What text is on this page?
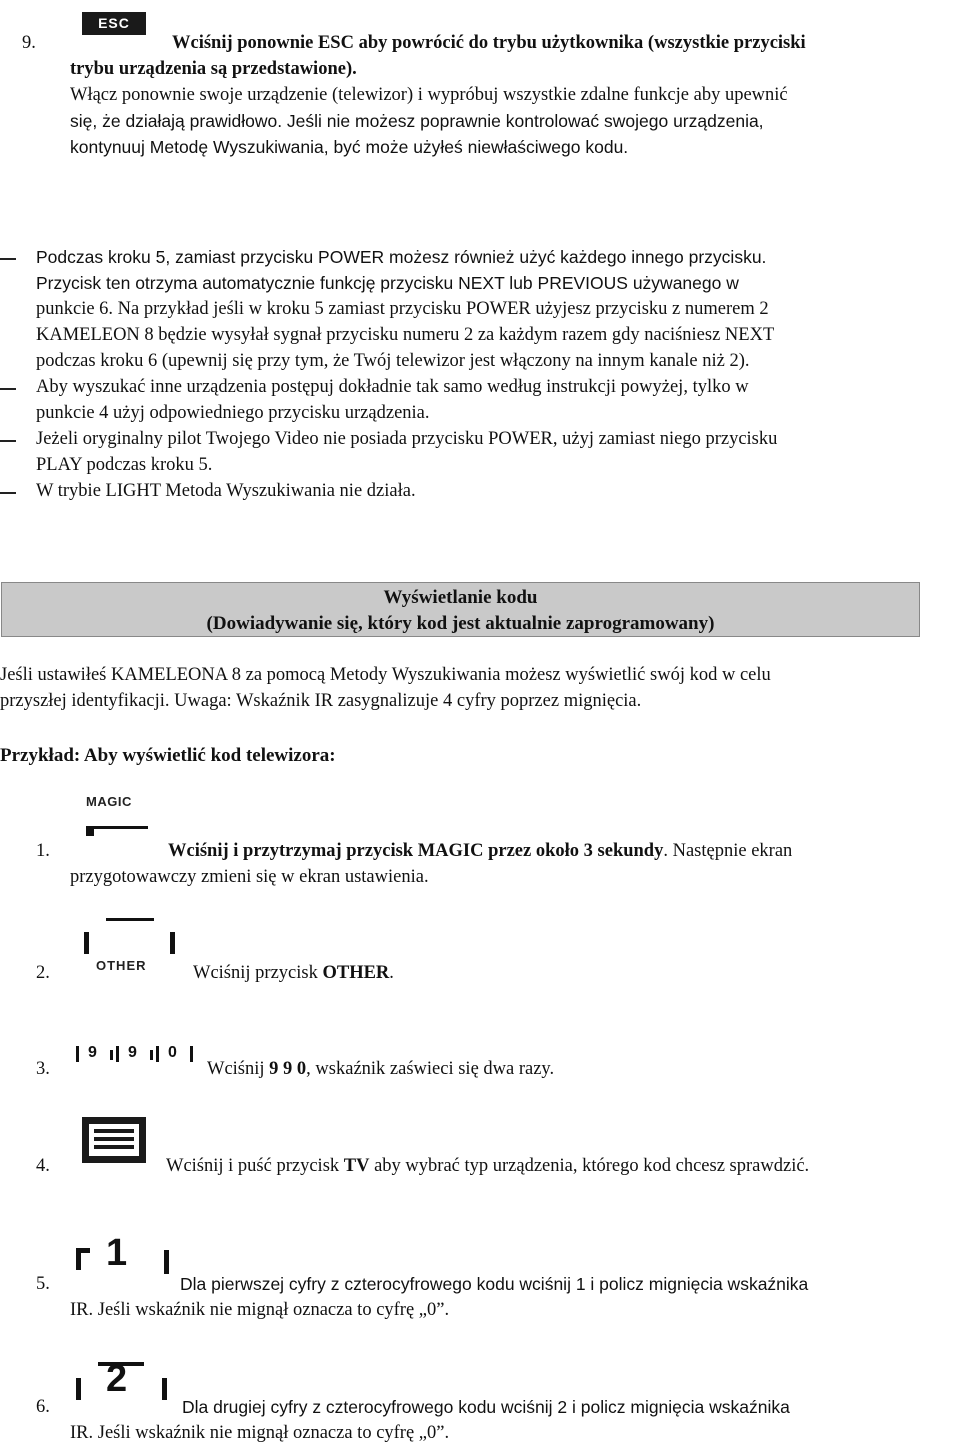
9.
ESC
Wciśnij ponownie ESC aby powrócić do trybu użytkownika (wszystkie przyciski
trybu urządzenia są przedstawione).
Włącz ponownie swoje urządzenie (telewizor) i wypróbuj wszystkie zdalne funkcje aby upewnić
się, że działają prawidłowo. Jeśli nie możesz poprawnie kontrolować swojego urządzenia,
kontynuuj Metodę Wyszukiwania, być może użyłeś niewłaściwego kodu.
Podczas kroku 5, zamiast przycisku POWER możesz również użyć każdego innego przycisku.
Przycisk ten otrzyma automatycznie funkcję przycisku NEXT lub PREVIOUS używanego w
punkcie 6. Na przykład jeśli w kroku 5 zamiast przycisku POWER użyjesz przycisku z numerem 2
KAMELEON 8 będzie wysyłał sygnał przycisku numeru 2 za każdym razem gdy naciśniesz NEXT
podczas kroku 6 (upewnij się przy tym, że Twój telewizor jest włączony na innym kanale niż 2).
Aby wyszukać inne urządzenia postępuj dokładnie tak samo według instrukcji powyżej, tylko w
punkcie 4 użyj odpowiedniego przycisku urządzenia.
Jeżeli oryginalny pilot Twojego Video nie posiada przycisku POWER, użyj zamiast niego przycisku
PLAY podczas kroku 5.
W trybie LIGHT Metoda Wyszukiwania nie działa.
Wyświetlanie kodu
(Dowiadywanie się, który kod jest aktualnie zaprogramowany)
Jeśli ustawiłeś KAMELEONA 8 za pomocą Metody Wyszukiwania możesz wyświetlić swój kod w celu
przyszłej identyfikacji. Uwaga: Wskaźnik IR zasygnalizuje 4 cyfry poprzez mignięcia.
Przykład: Aby wyświetlić kod telewizora:
MAGIC
1.	Wciśnij i przytrzymaj przycisk MAGIC przez około 3 sekundy. Następnie ekran
przygotowawczy zmieni się w ekran ustawienia.
OTHER
2.	Wciśnij przycisk OTHER.
9 9 0
3.	Wciśnij 9 9 0, wskaźnik zaświeci się dwa razy.
4.	Wciśnij i puść przycisk TV aby wybrać typ urządzenia, którego kod chcesz sprawdzić.
1
5.	Dla pierwszej cyfry z czterocyfrowego kodu wciśnij 1 i policz mignięcia wskaźnika
IR. Jeśli wskaźnik nie mignął oznacza to cyfrę „0”.
2
6.	Dla drugiej cyfry z czterocyfrowego kodu wciśnij 2 i policz mignięcia wskaźnika
IR. Jeśli wskaźnik nie mignął oznacza to cyfrę „0”.
